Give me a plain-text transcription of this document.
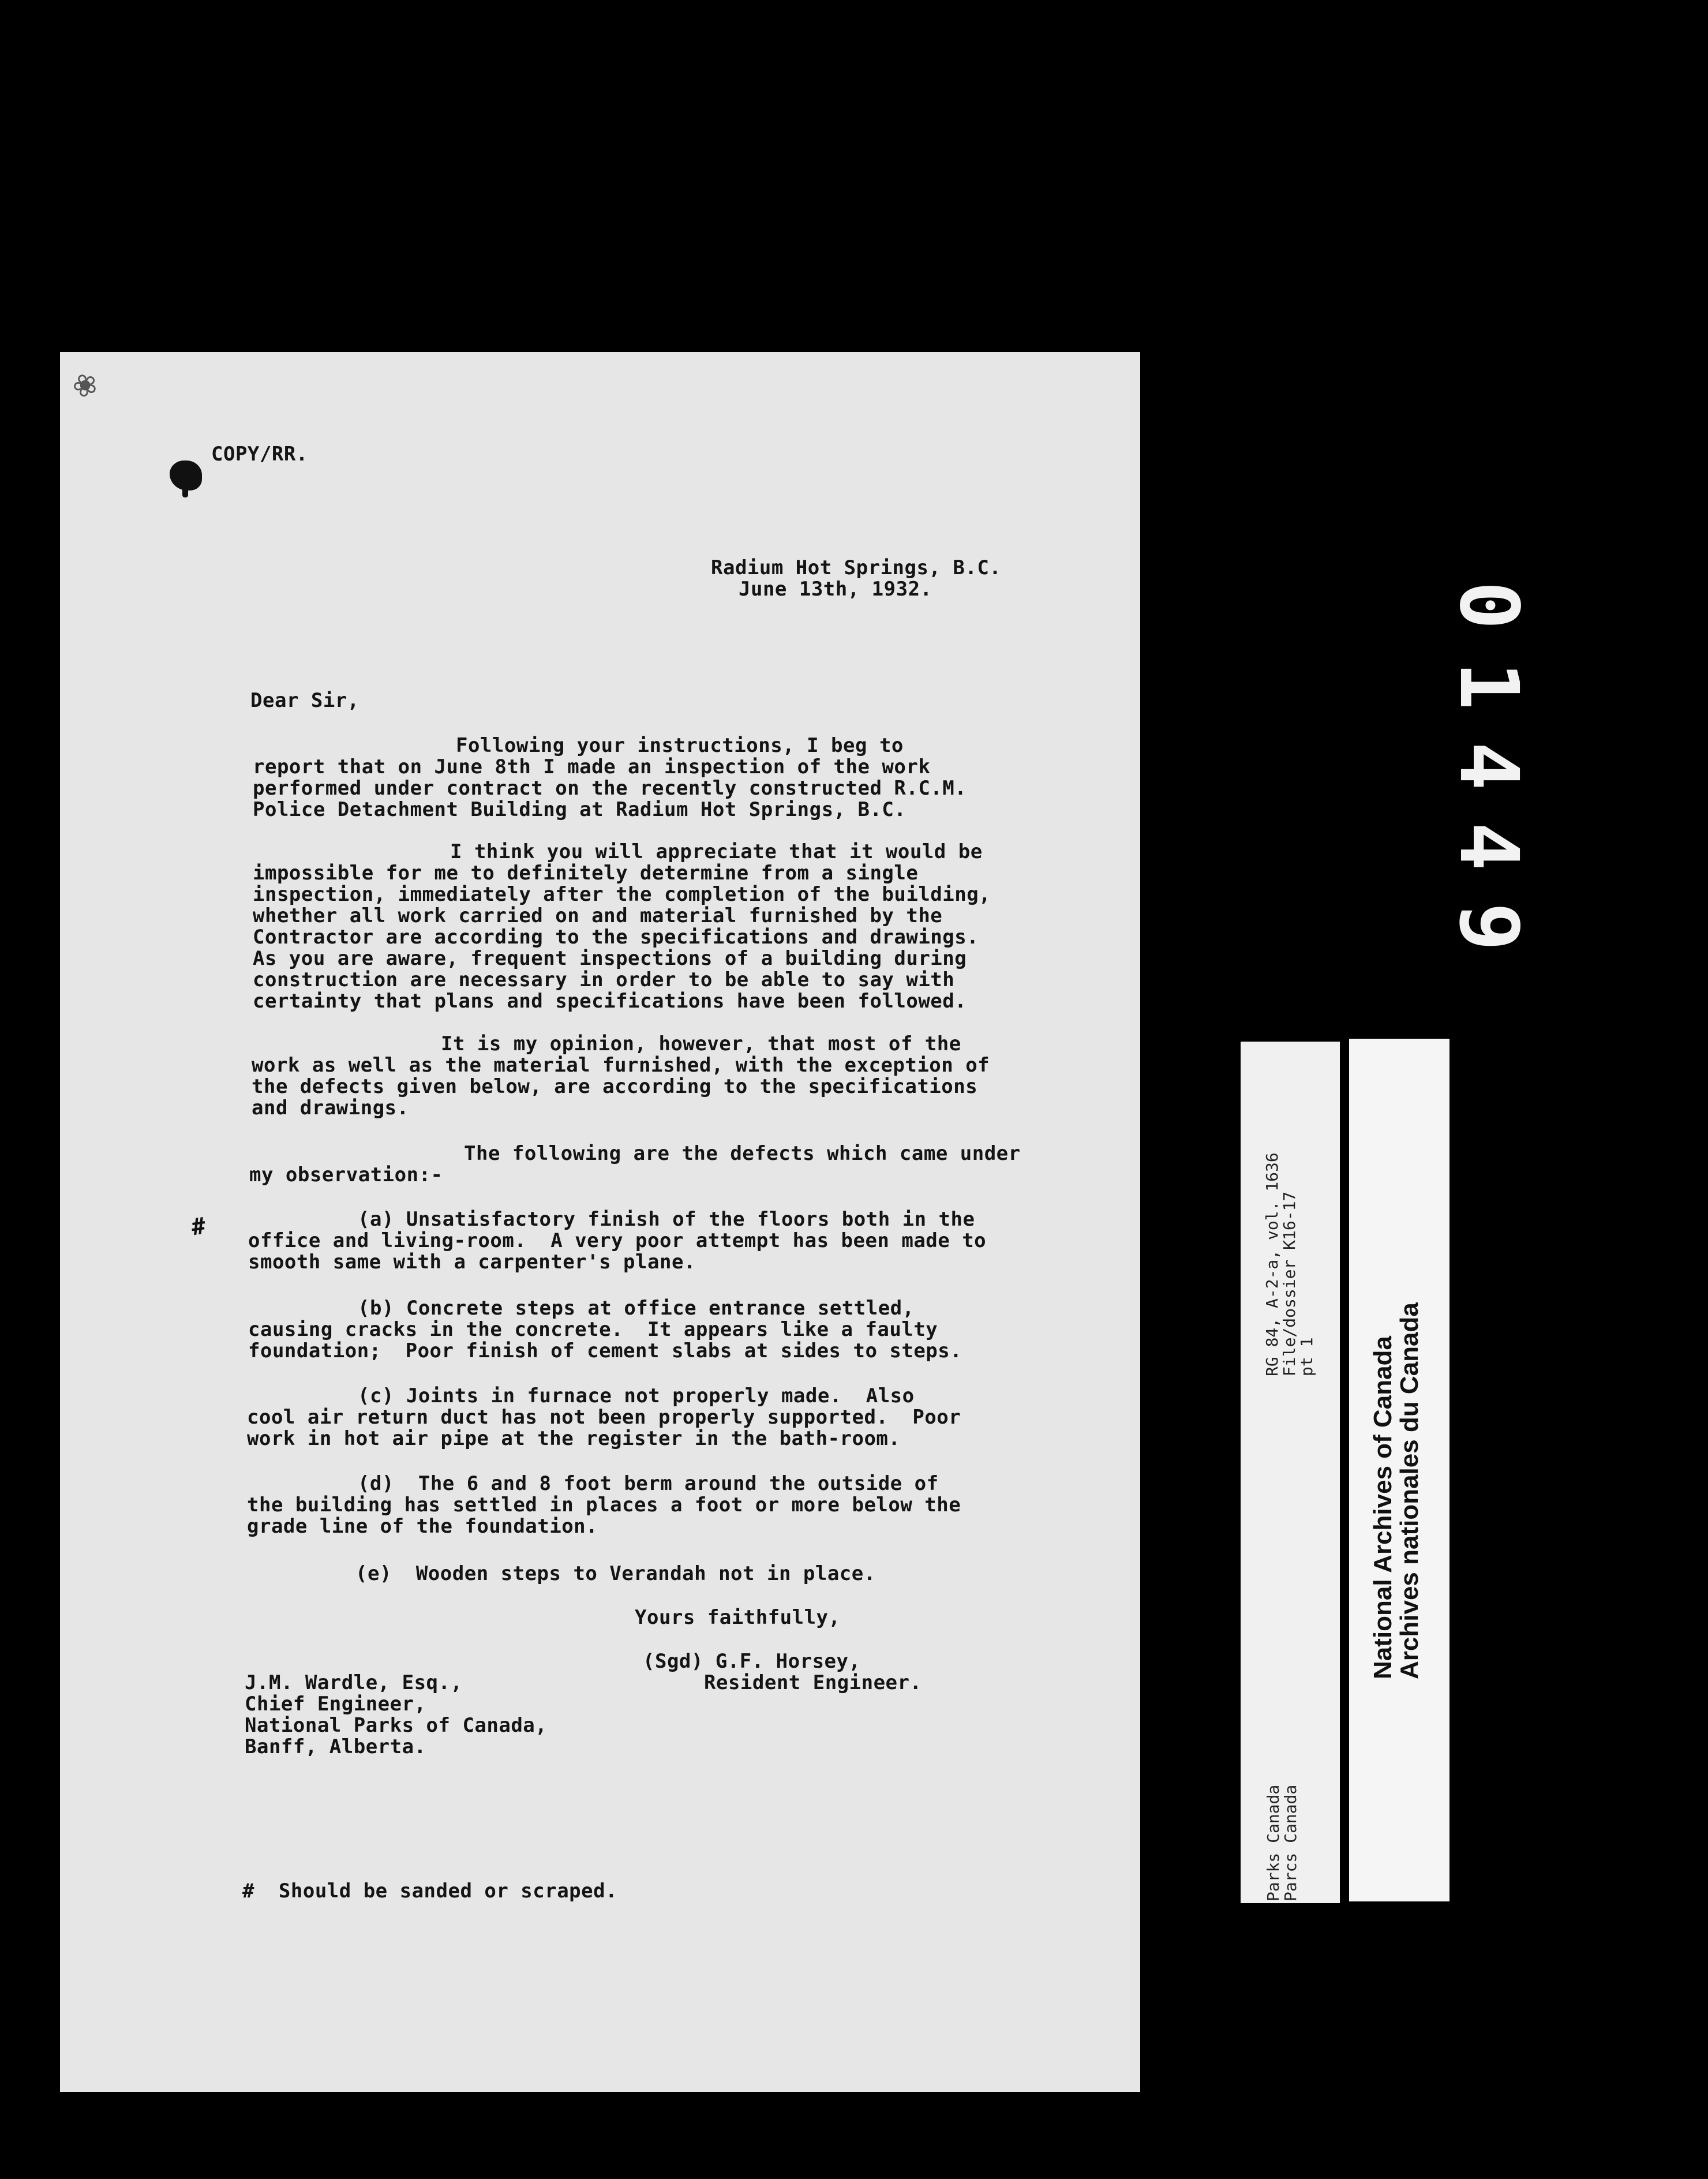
❀
COPY/RR.
Radium Hot Springs, B.C.
June 13th, 1932.
Dear Sir,
Following your instructions, I beg to
report that on June 8th I made an inspection of the work
performed under contract on the recently constructed R.C.M.
Police Detachment Building at Radium Hot Springs, B.C.
I think you will appreciate that it would be
impossible for me to definitely determine from a single
inspection, immediately after the completion of the building,
whether all work carried on and material furnished by the
Contractor are according to the specifications and drawings.
As you are aware, frequent inspections of a building during
construction are necessary in order to be able to say with
certainty that plans and specifications have been followed.
It is my opinion, however, that most of the
work as well as the material furnished, with the exception of
the defects given below, are according to the specifications
and drawings.
The following are the defects which came under
my observation:-
#	(a) Unsatisfactory finish of the floors both in the
office and living-room.  A very poor attempt has been made to
smooth same with a carpenter's plane.
(b) Concrete steps at office entrance settled,
causing cracks in the concrete.  It appears like a faulty
foundation;  Poor finish of cement slabs at sides to steps.
(c) Joints in furnace not properly made.  Also
cool air return duct has not been properly supported.  Poor
work in hot air pipe at the register in the bath-room.
(d)  The 6 and 8 foot berm around the outside of
the building has settled in places a foot or more below the
grade line of the foundation.
(e)  Wooden steps to Verandah not in place.
Yours faithfully,
(Sgd) G.F. Horsey,
Resident Engineer.
J.M. Wardle, Esq.,
Chief Engineer,
National Parks of Canada,
Banff, Alberta.
#  Should be sanded or scraped.
01449
RG 84, A-2-a, vol. 1636
File/dossier K16-17
pt 1
Parks Canada
Parcs Canada
National Archives of Canada
Archives nationales du Canada
